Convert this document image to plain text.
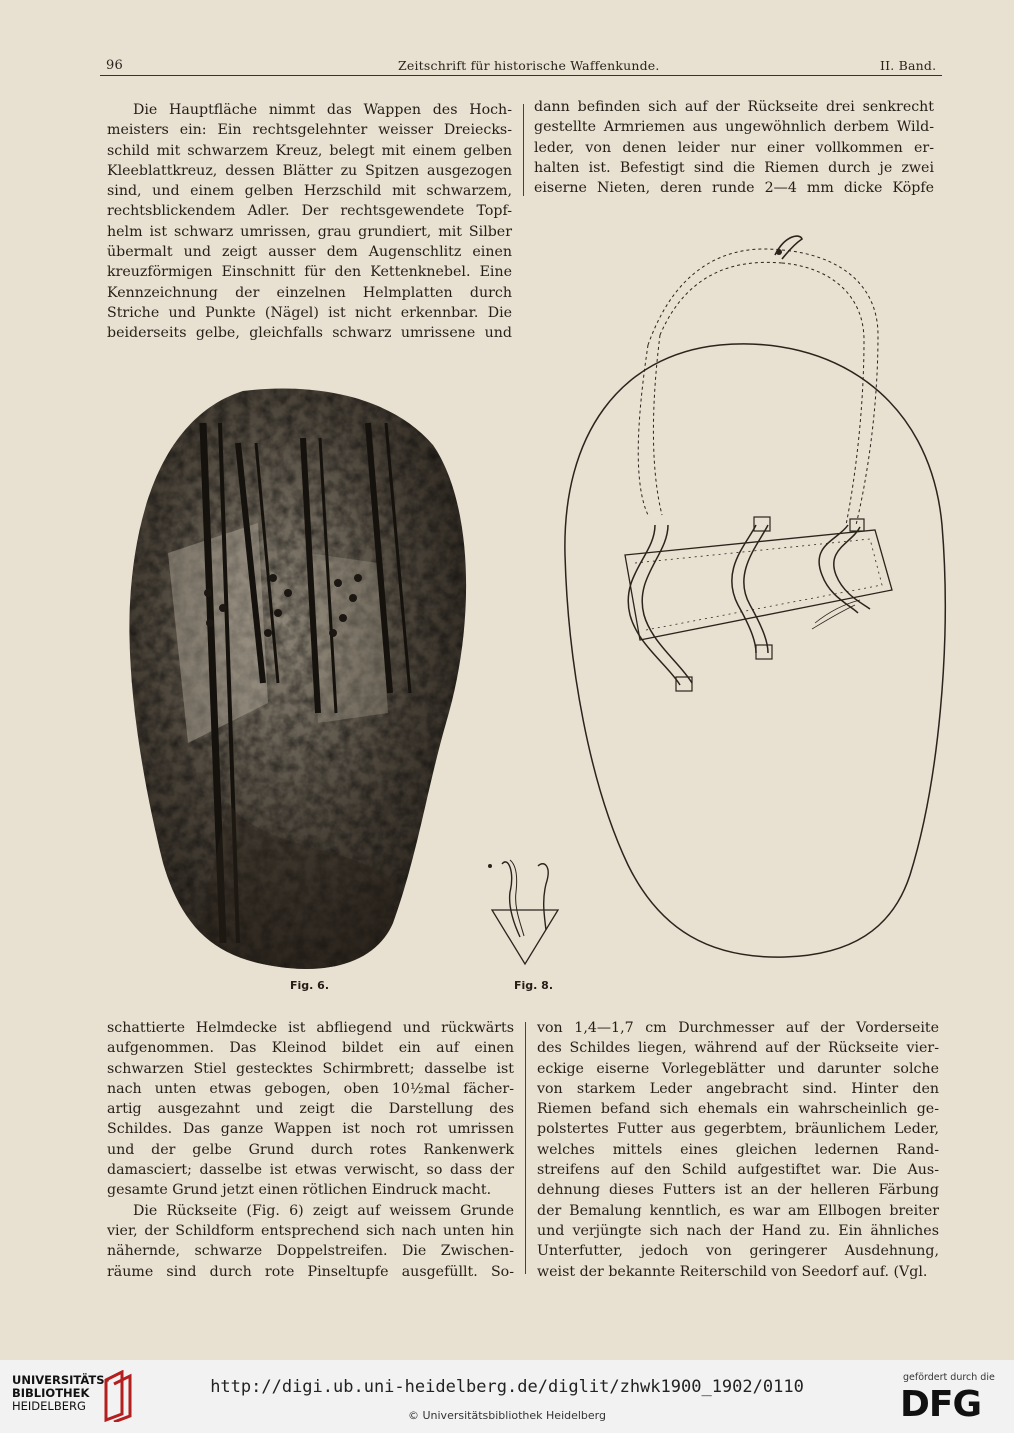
96	Zeitschrift für historische Waffenkunde.	II. Band.

Die Hauptfläche nimmt das Wappen des Hoch-

meisters ein: Ein rechtsgelehnter weisser Dreiecks-

schild mit schwarzem Kreuz, belegt mit einem gelben

Kleeblattkreuz, dessen Blätter zu Spitzen ausgezogen

sind, und einem gelben Herzschild mit schwarzem,

rechtsblickendem Adler. Der rechtsgewendete Topf-

helm ist schwarz umrissen, grau grundiert, mit Silber

übermalt und zeigt ausser dem Augenschlitz einen

kreuzförmigen Einschnitt für den Kettenknebel. Eine

Kennzeichnung der einzelnen Helmplatten durch

Striche und Punkte (Nägel) ist nicht erkennbar. Die

beiderseits gelbe, gleichfalls schwarz umrissene und

dann befinden sich auf der Rückseite drei senkrecht

gestellte Armriemen aus ungewöhnlich derbem Wild-

leder, von denen leider nur einer vollkommen er-

halten ist. Befestigt sind die Riemen durch je zwei

eiserne Nieten, deren runde 2—4 mm dicke Köpfe

Fig. 6.	Fig. 8.

schattierte Helmdecke ist abfliegend und rückwärts

aufgenommen. Das Kleinod bildet ein auf einen

schwarzen Stiel gestecktes Schirmbrett; dasselbe ist

nach unten etwas gebogen, oben 10½mal fächer-

artig ausgezahnt und zeigt die Darstellung des

Schildes. Das ganze Wappen ist noch rot umrissen

und der gelbe Grund durch rotes Rankenwerk

damasciert; dasselbe ist etwas verwischt, so dass der

gesamte Grund jetzt einen rötlichen Eindruck macht.

Die Rückseite (Fig. 6) zeigt auf weissem Grunde

vier, der Schildform entsprechend sich nach unten hin

nähernde, schwarze Doppelstreifen. Die Zwischen-

räume sind durch rote Pinseltupfe ausgefüllt. So-

von 1,4—1,7 cm Durchmesser auf der Vorderseite

des Schildes liegen, während auf der Rückseite vier-

eckige eiserne Vorlegeblätter und darunter solche

von starkem Leder angebracht sind. Hinter den

Riemen befand sich ehemals ein wahrscheinlich ge-

polstertes Futter aus gegerbtem, bräunlichem Leder,

welches mittels eines gleichen ledernen Rand-

streifens auf den Schild aufgestiftet war. Die Aus-

dehnung dieses Futters ist an der helleren Färbung

der Bemalung kenntlich, es war am Ellbogen breiter

und verjüngte sich nach der Hand zu. Ein ähnliches

Unterfutter, jedoch von geringerer Ausdehnung,

weist der bekannte Reiterschild von Seedorf auf. (Vgl.

UNIVERSITÄTS-
BIBLIOTHEK
HEIDELBERG
http://digi.ub.uni-heidelberg.de/diglit/zhwk1900_1902/0110
© Universitätsbibliothek Heidelberg
gefördert durch die
DFG
